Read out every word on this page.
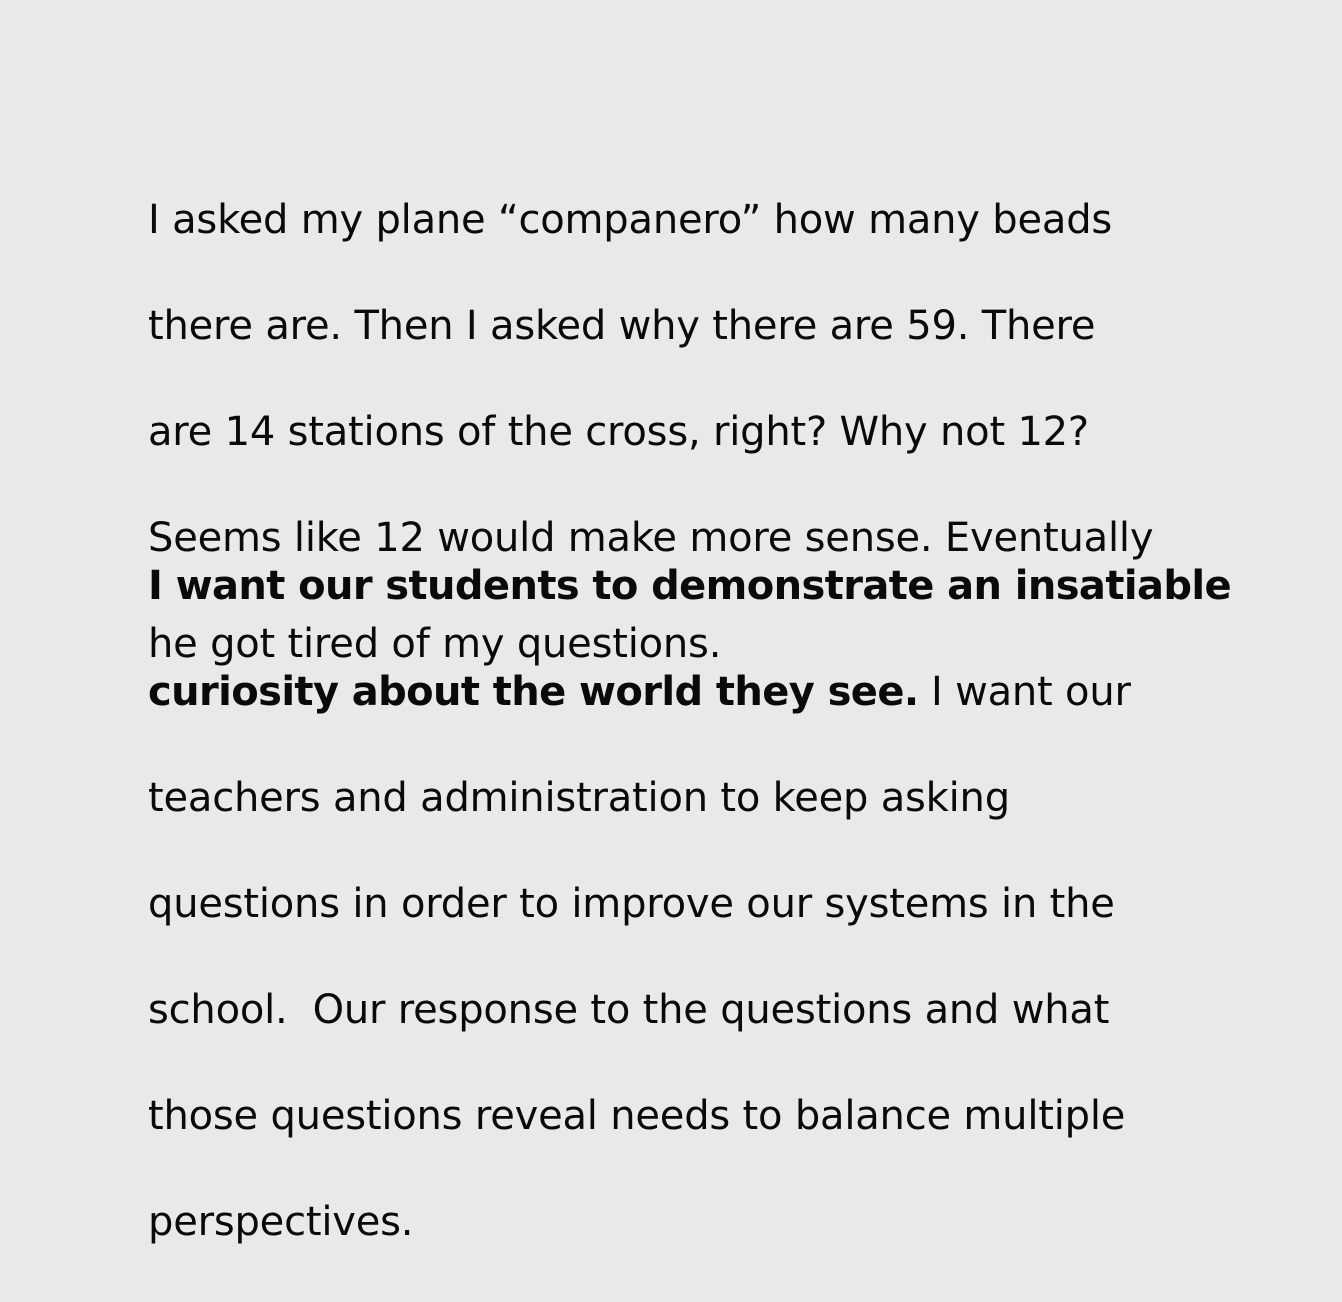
I asked my plane “companero” how many beads

there are. Then I asked why there are 59. There

are 14 stations of the cross, right? Why not 12?

Seems like 12 would make more sense. Eventually

he got tired of my questions.

I want our students to demonstrate an insatiable

curiosity about the world they see. I want our

teachers and administration to keep asking

questions in order to improve our systems in the

school.  Our response to the questions and what

those questions reveal needs to balance multiple

perspectives.
